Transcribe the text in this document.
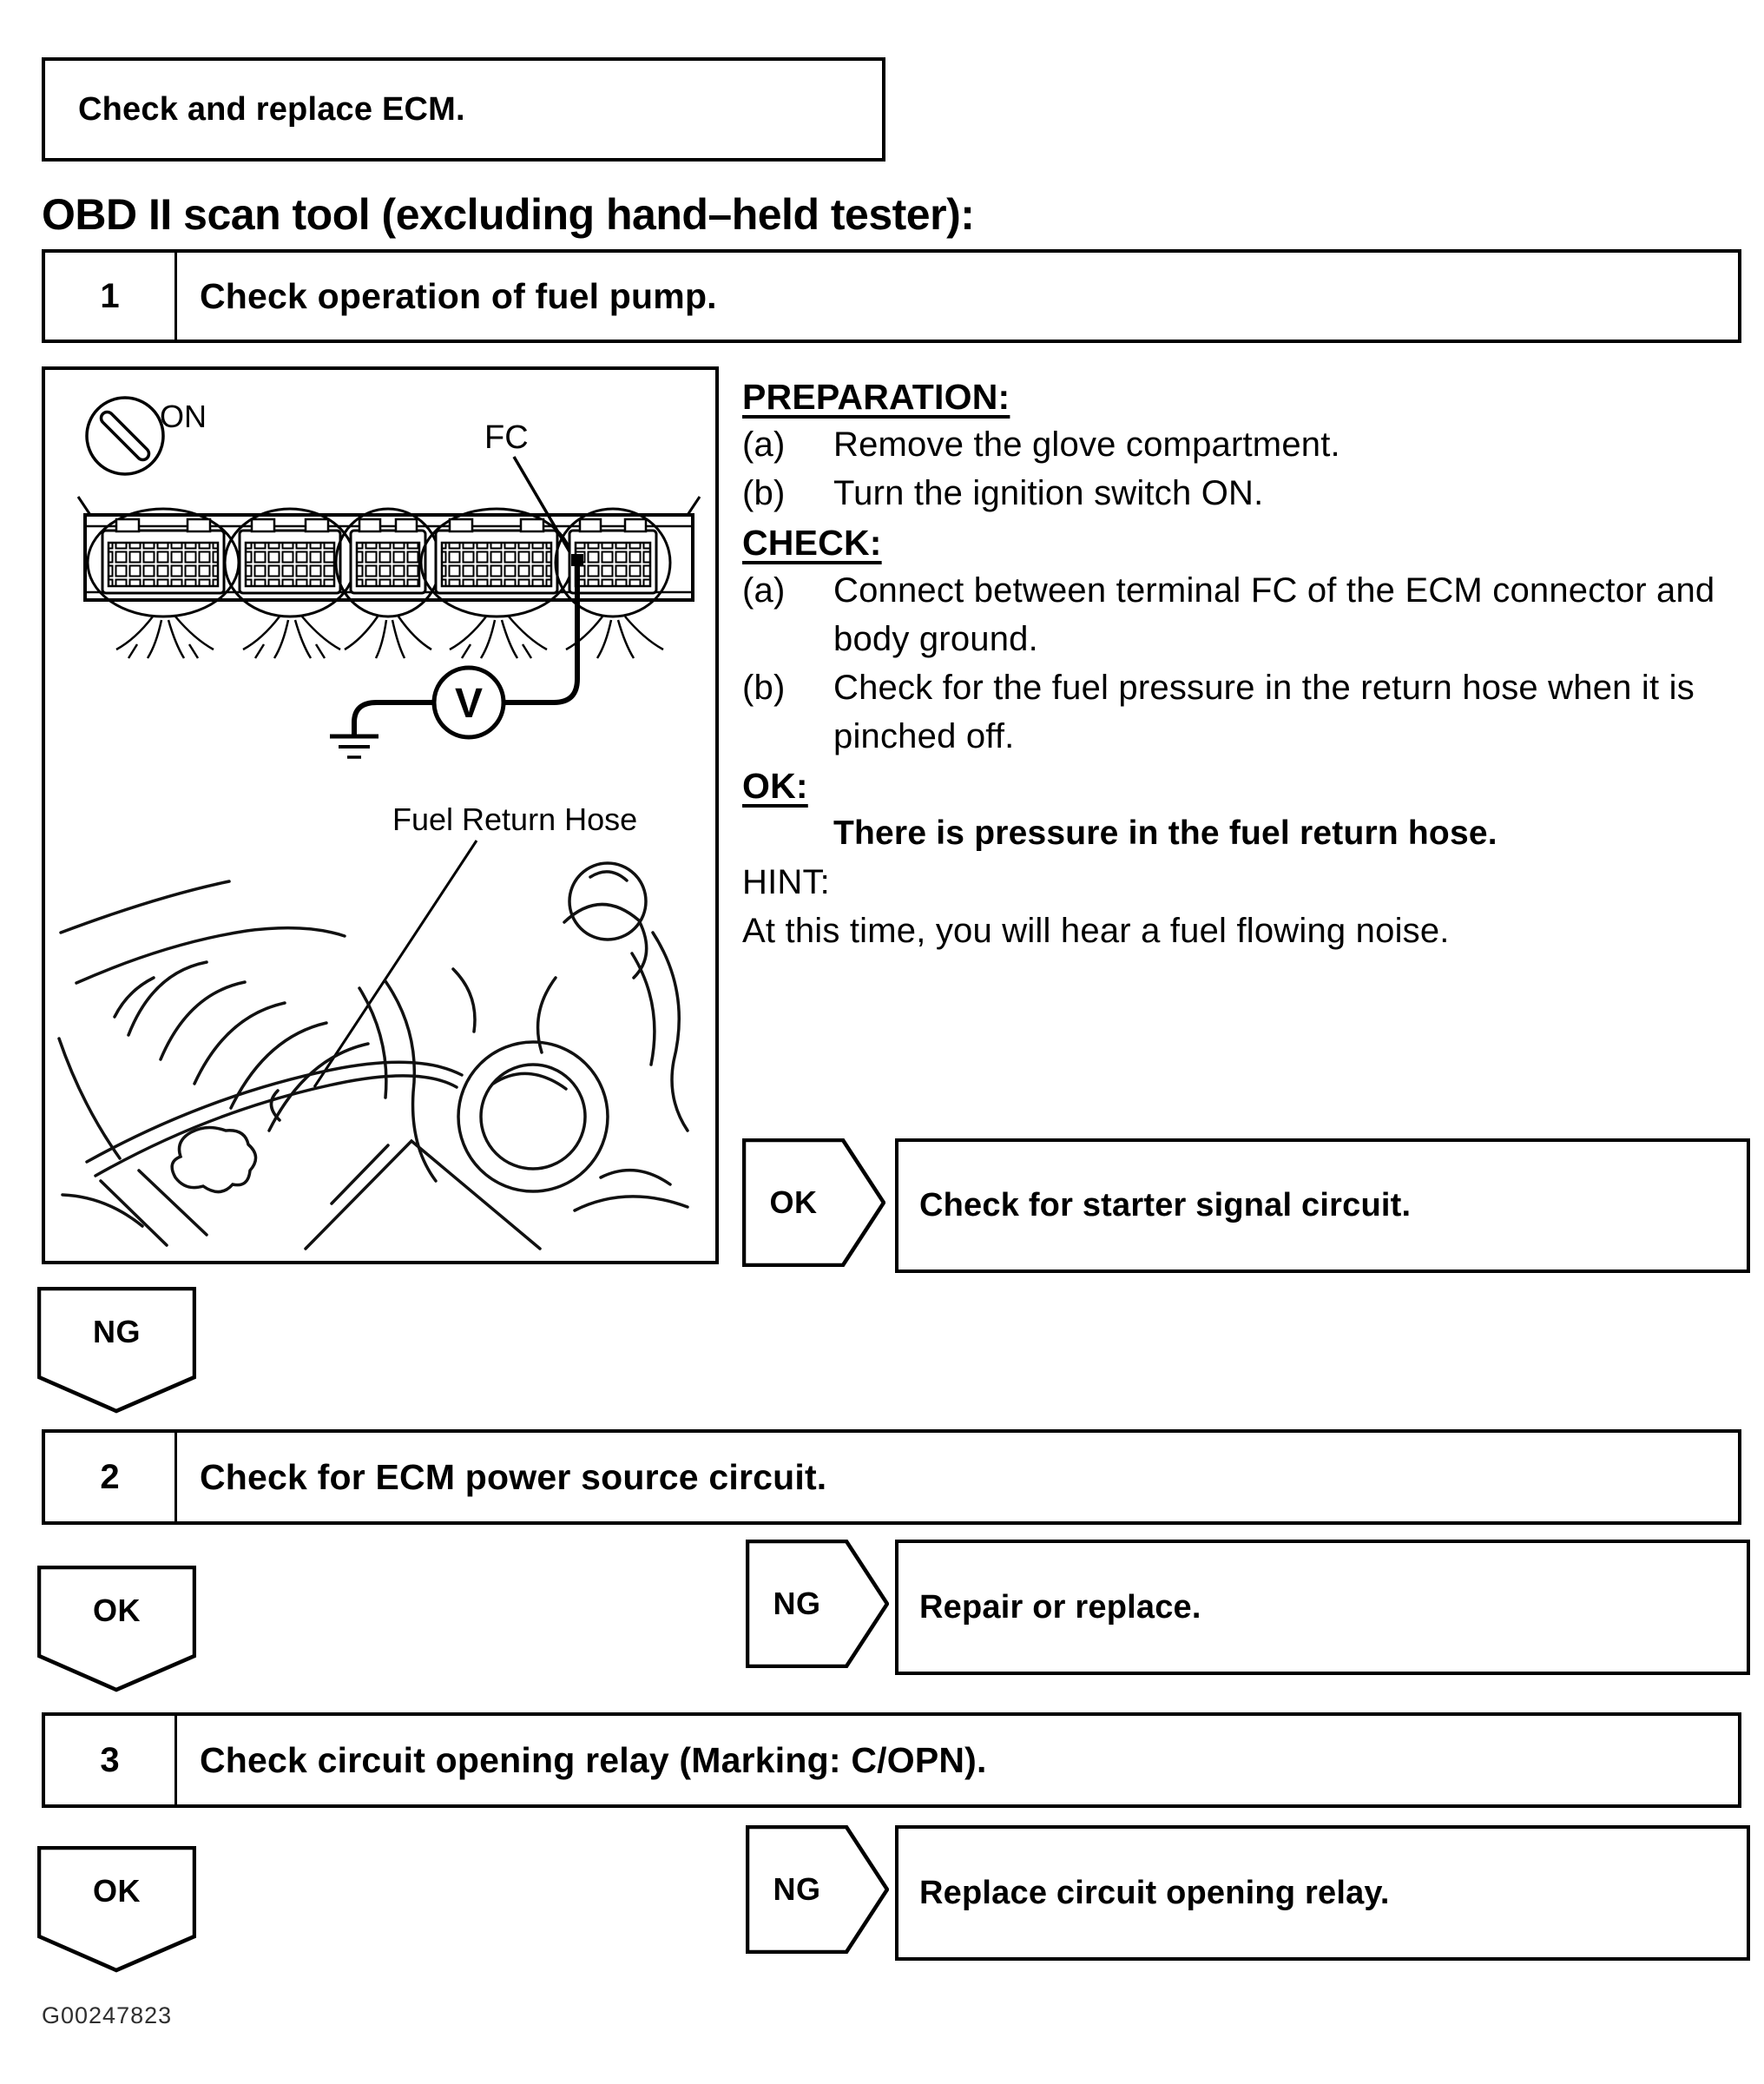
Check and replace ECM.
OBD II scan tool (excluding hand–held tester):
1	Check operation of fuel pump.
ON
FC
V
Fuel Return Hose
PREPARATION:
(a)	Remove the glove compartment.
(b)	Turn the ignition switch ON.
CHECK:
(a)	Connect between terminal FC of the ECM connector and
body ground.
(b)	Check for the fuel pressure in the return hose when it is
pinched off.
OK:
There is pressure in the fuel return hose.
HINT:
At this time, you will hear a fuel flowing noise.
OK	Check for starter signal circuit.
NG
2	Check for ECM power source circuit.
OK	NG	Repair or replace.
3	Check circuit opening relay (Marking: C/OPN).
OK	NG	Replace circuit opening relay.
G00247823
